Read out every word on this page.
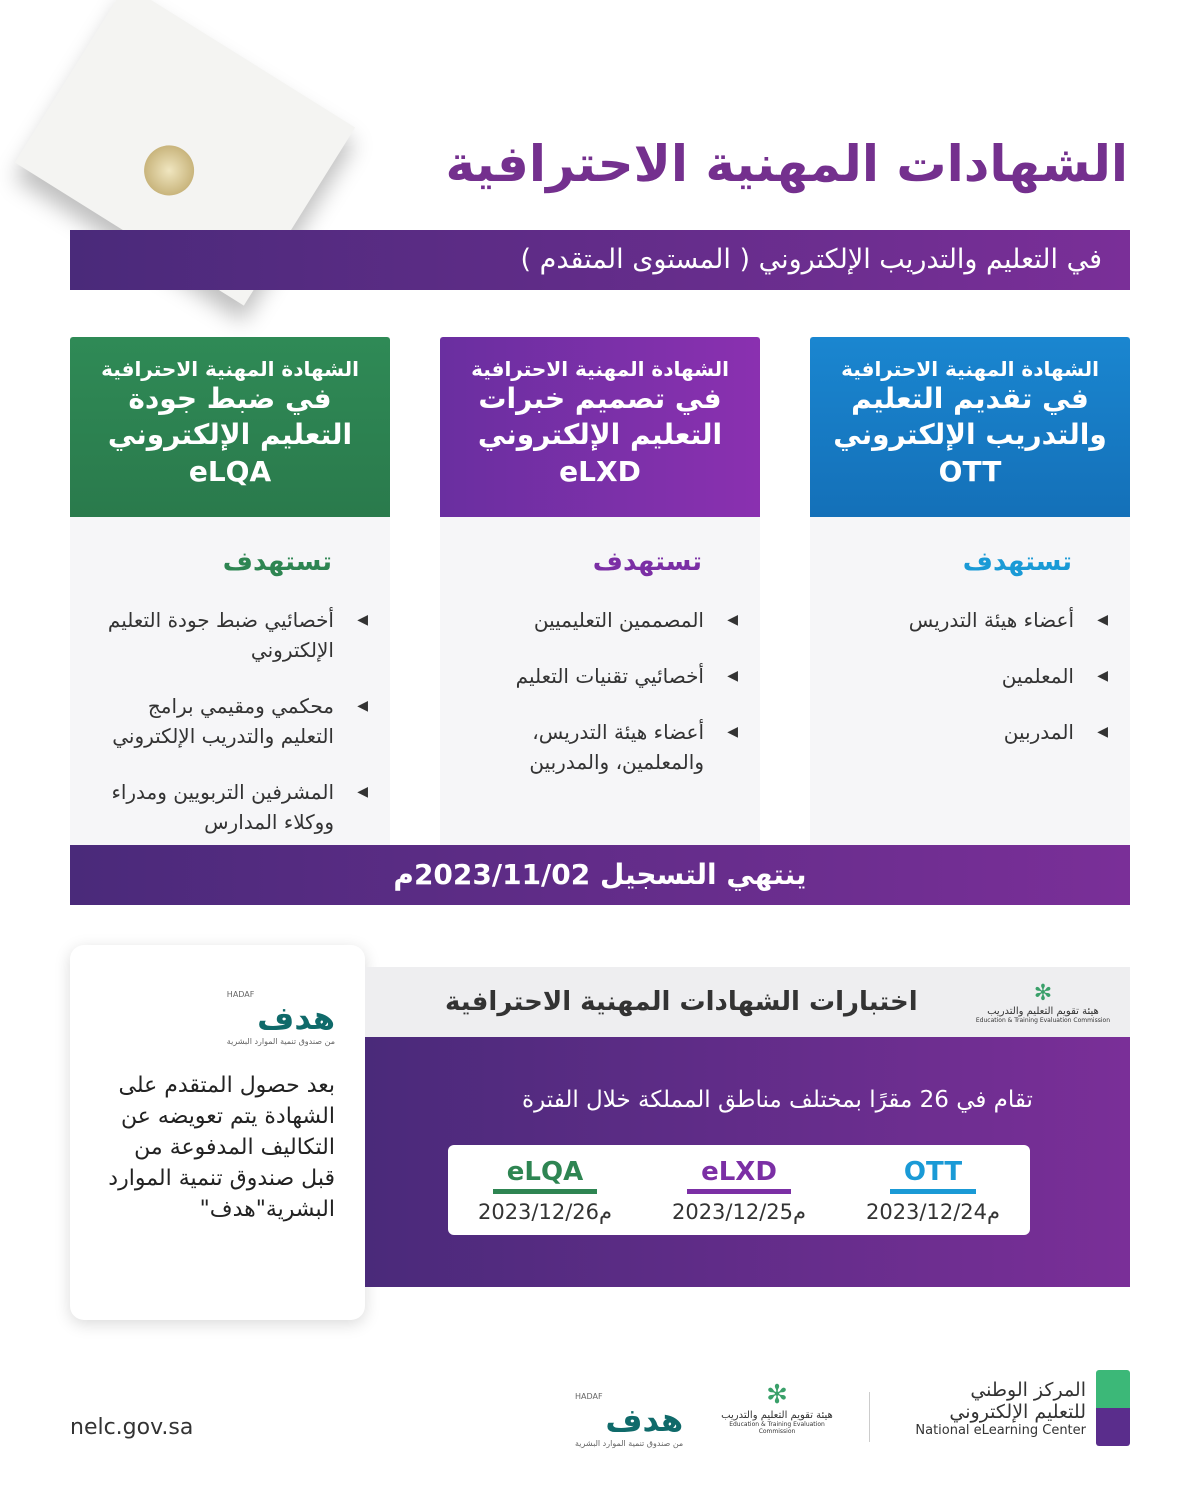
الشهادات المهنية الاحترافية
في التعليم والتدريب الإلكتروني ( المستوى المتقدم )
الشهادة المهنية الاحترافية
في تقديم التعليم
والتدريب الإلكتروني
OTT
تستهدف
◀ أعضاء هيئة التدريس
◀ المعلمين
◀ المدربين
الشهادة المهنية الاحترافية
في تصميم خبرات
التعليم الإلكتروني
eLXD
تستهدف
◀ المصممين التعليميين
◀ أخصائيي تقنيات التعليم
◀ أعضاء هيئة التدريس، والمعلمين، والمدربين
الشهادة المهنية الاحترافية
في ضبط جودة
التعليم الإلكتروني
eLQA
تستهدف
◀ أخصائيي ضبط جودة التعليم الإلكتروني
◀ محكمي ومقيمي برامج التعليم والتدريب الإلكتروني
◀ المشرفين التربويين ومدراء ووكلاء المدارس
ينتهي التسجيل 2023/11/02م
HADAF
هدف
من صندوق تنمية الموارد البشرية
بعد حصول المتقدم على الشهادة يتم تعويضه عن التكاليف المدفوعة من قبل صندوق تنمية الموارد البشرية"هدف"
اختبارات الشهادات المهنية الاحترافية	✻
هيئة تقويم التعليم والتدريب
Education & Training Evaluation Commission
تقام في 26 مقرًا بمختلف مناطق المملكة خلال الفترة
eLQA
2023/12/26م
eLXD
2023/12/25م
OTT
2023/12/24م
المركز الوطني
للتعليم الإلكتروني
National eLearning Center
✻
هيئة تقويم التعليم والتدريب
Education & Training Evaluation Commission
HADAF
هدف
من صندوق تنمية الموارد البشرية
nelc.gov.sa
